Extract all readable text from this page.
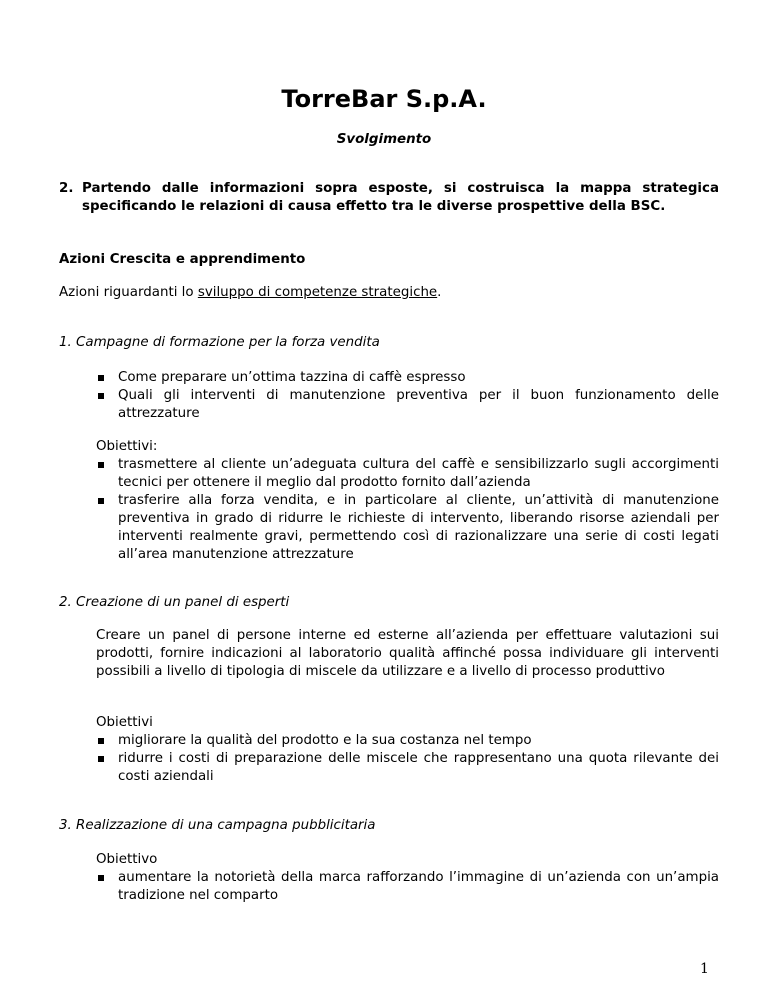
TorreBar S.p.A.
Svolgimento
2. Partendo dalle informazioni sopra esposte, si costruisca la mappa strategica specificando le relazioni di causa effetto tra le diverse prospettive della BSC.
Azioni Crescita e apprendimento
Azioni riguardanti lo sviluppo di competenze strategiche.
1. Campagne di formazione per la forza vendita
Come preparare un’ottima tazzina di caffè espresso
Quali gli interventi di manutenzione preventiva per il buon funzionamento delle attrezzature
Obiettivi:
trasmettere al cliente un’adeguata cultura del caffè e sensibilizzarlo sugli accorgimenti tecnici per ottenere il meglio dal prodotto fornito dall’azienda
trasferire alla forza vendita, e in particolare al cliente, un’attività di manutenzione preventiva in grado di ridurre le richieste di intervento, liberando risorse aziendali per interventi realmente gravi, permettendo così di razionalizzare una serie di costi legati all’area manutenzione attrezzature
2. Creazione di un panel di esperti
Creare un panel di persone interne ed esterne all’azienda per effettuare valutazioni sui prodotti, fornire indicazioni al laboratorio qualità affinché possa individuare gli interventi possibili a livello di tipologia di miscele da utilizzare e a livello di processo produttivo
Obiettivi
migliorare la qualità del prodotto e la sua costanza nel tempo
ridurre i costi di preparazione delle miscele che rappresentano una quota rilevante dei costi aziendali
3. Realizzazione di una campagna pubblicitaria
Obiettivo
aumentare la notorietà della marca rafforzando l’immagine di un’azienda con un’ampia tradizione nel comparto
1
